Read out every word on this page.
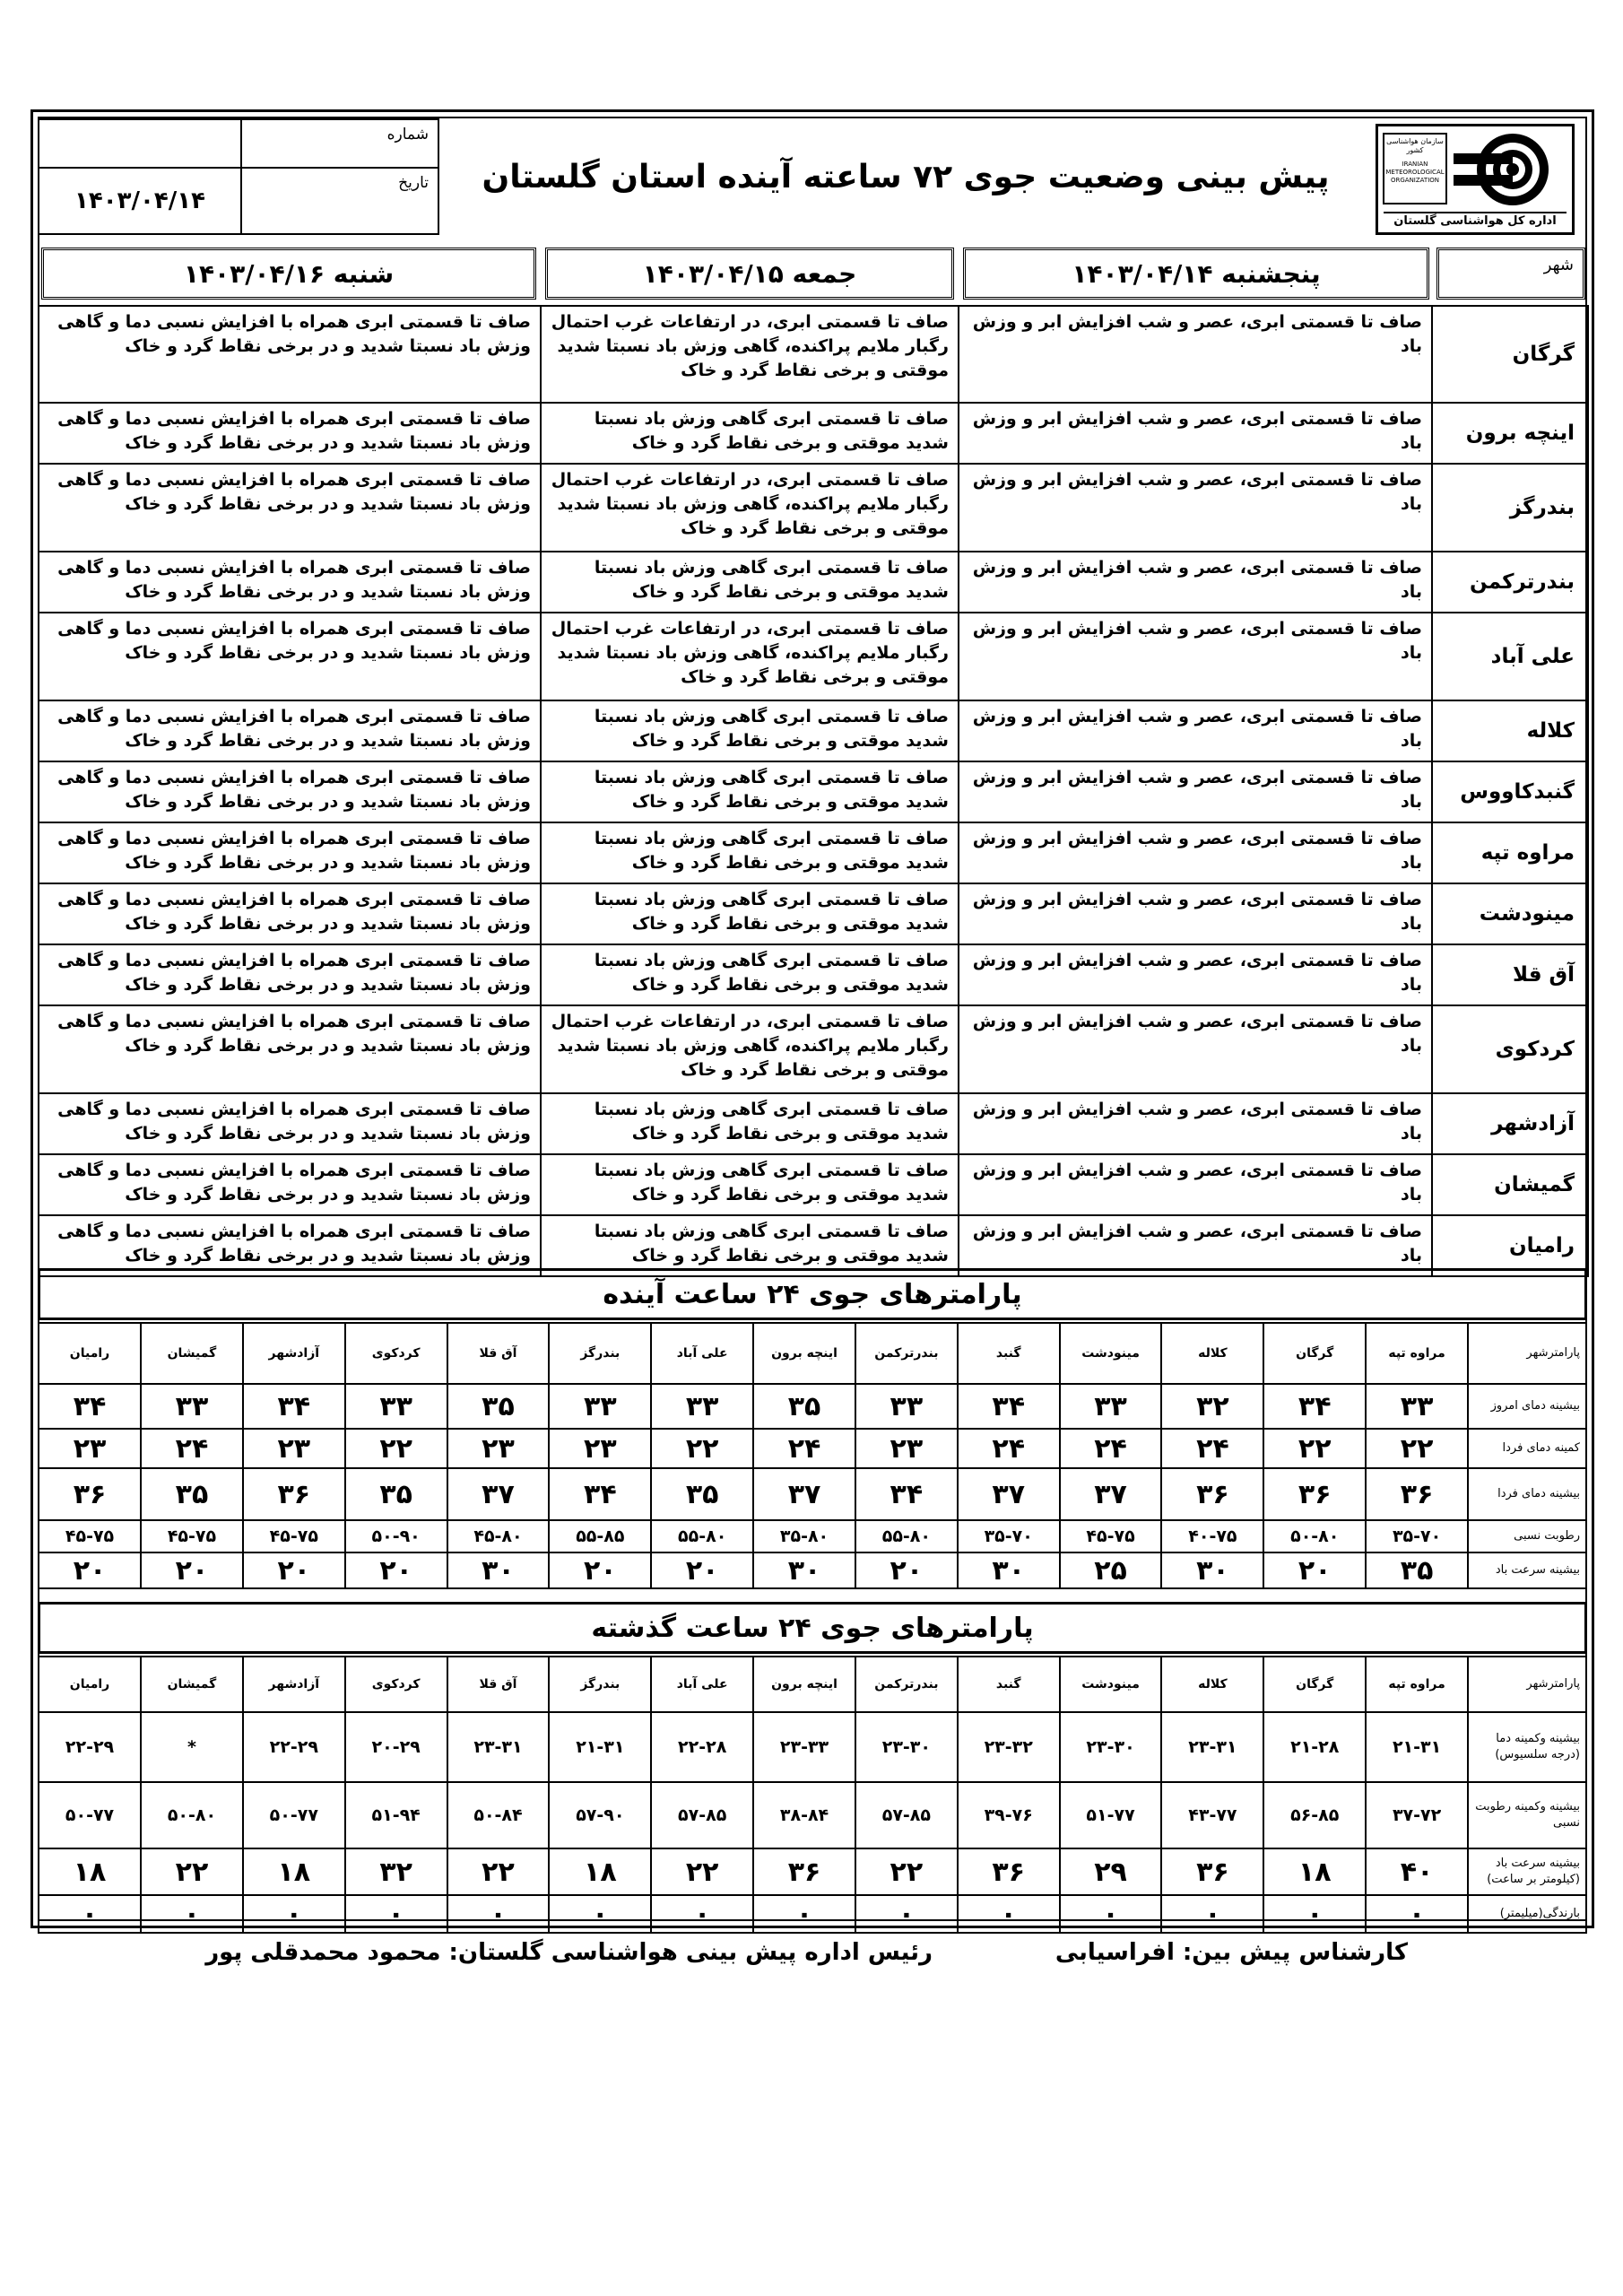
شماره
۱۴۰۳/۰۴/۱۴
تاریخ	پیش بینی وضعیت جوی ۷۲ ساعته آینده استان گلستان
سازمان هواشناسی کشور
IRANIAN METEOROLOGICAL ORGANIZATION
اداره کل هواشناسی گلستان
شنبه ۱۴۰۳/۰۴/۱۶	جمعه ۱۴۰۳/۰۴/۱۵	پنجشنبه ۱۴۰۳/۰۴/۱۴	شهر
صاف تا قسمتی ابری همراه با افزایش نسبی دما و گاهی وزش باد نسبتا شدید و در برخی نقاط گرد و خاک	صاف تا قسمتی ابری، در ارتفاعات غرب احتمال رگبار ملایم پراکنده، گاهی وزش باد نسبتا شدید موقتی و برخی نقاط گرد و خاک	صاف تا قسمتی ابری، عصر و شب افزایش ابر و وزش باد	گرگان
صاف تا قسمتی ابری همراه با افزایش نسبی دما و گاهی وزش باد نسبتا شدید و در برخی نقاط گرد و خاک	صاف تا قسمتی ابری گاهی وزش باد نسبتا شدید موقتی و برخی نقاط گرد و خاک	صاف تا قسمتی ابری، عصر و شب افزایش ابر و وزش باد	اینچه برون
صاف تا قسمتی ابری همراه با افزایش نسبی دما و گاهی وزش باد نسبتا شدید و در برخی نقاط گرد و خاک	صاف تا قسمتی ابری، در ارتفاعات غرب احتمال رگبار ملایم پراکنده، گاهی وزش باد نسبتا شدید موقتی و برخی نقاط گرد و خاک	صاف تا قسمتی ابری، عصر و شب افزایش ابر و وزش باد	بندرگز
صاف تا قسمتی ابری همراه با افزایش نسبی دما و گاهی وزش باد نسبتا شدید و در برخی نقاط گرد و خاک	صاف تا قسمتی ابری گاهی وزش باد نسبتا شدید موقتی و برخی نقاط گرد و خاک	صاف تا قسمتی ابری، عصر و شب افزایش ابر و وزش باد	بندرترکمن
صاف تا قسمتی ابری همراه با افزایش نسبی دما و گاهی وزش باد نسبتا شدید و در برخی نقاط گرد و خاک	صاف تا قسمتی ابری، در ارتفاعات غرب احتمال رگبار ملایم پراکنده، گاهی وزش باد نسبتا شدید موقتی و برخی نقاط گرد و خاک	صاف تا قسمتی ابری، عصر و شب افزایش ابر و وزش باد	علی آباد
صاف تا قسمتی ابری همراه با افزایش نسبی دما و گاهی وزش باد نسبتا شدید و در برخی نقاط گرد و خاک	صاف تا قسمتی ابری گاهی وزش باد نسبتا شدید موقتی و برخی نقاط گرد و خاک	صاف تا قسمتی ابری، عصر و شب افزایش ابر و وزش باد	کلاله
صاف تا قسمتی ابری همراه با افزایش نسبی دما و گاهی وزش باد نسبتا شدید و در برخی نقاط گرد و خاک	صاف تا قسمتی ابری گاهی وزش باد نسبتا شدید موقتی و برخی نقاط گرد و خاک	صاف تا قسمتی ابری، عصر و شب افزایش ابر و وزش باد	گنبدکاووس
صاف تا قسمتی ابری همراه با افزایش نسبی دما و گاهی وزش باد نسبتا شدید و در برخی نقاط گرد و خاک	صاف تا قسمتی ابری گاهی وزش باد نسبتا شدید موقتی و برخی نقاط گرد و خاک	صاف تا قسمتی ابری، عصر و شب افزایش ابر و وزش باد	مراوه تپه
صاف تا قسمتی ابری همراه با افزایش نسبی دما و گاهی وزش باد نسبتا شدید و در برخی نقاط گرد و خاک	صاف تا قسمتی ابری گاهی وزش باد نسبتا شدید موقتی و برخی نقاط گرد و خاک	صاف تا قسمتی ابری، عصر و شب افزایش ابر و وزش باد	مینودشت
صاف تا قسمتی ابری همراه با افزایش نسبی دما و گاهی وزش باد نسبتا شدید و در برخی نقاط گرد و خاک	صاف تا قسمتی ابری گاهی وزش باد نسبتا شدید موقتی و برخی نقاط گرد و خاک	صاف تا قسمتی ابری، عصر و شب افزایش ابر و وزش باد	آق قلا
صاف تا قسمتی ابری همراه با افزایش نسبی دما و گاهی وزش باد نسبتا شدید و در برخی نقاط گرد و خاک	صاف تا قسمتی ابری، در ارتفاعات غرب احتمال رگبار ملایم پراکنده، گاهی وزش باد نسبتا شدید موقتی و برخی نقاط گرد و خاک	صاف تا قسمتی ابری، عصر و شب افزایش ابر و وزش باد	کردکوی
صاف تا قسمتی ابری همراه با افزایش نسبی دما و گاهی وزش باد نسبتا شدید و در برخی نقاط گرد و خاک	صاف تا قسمتی ابری گاهی وزش باد نسبتا شدید موقتی و برخی نقاط گرد و خاک	صاف تا قسمتی ابری، عصر و شب افزایش ابر و وزش باد	آزادشهر
صاف تا قسمتی ابری همراه با افزایش نسبی دما و گاهی وزش باد نسبتا شدید و در برخی نقاط گرد و خاک	صاف تا قسمتی ابری گاهی وزش باد نسبتا شدید موقتی و برخی نقاط گرد و خاک	صاف تا قسمتی ابری، عصر و شب افزایش ابر و وزش باد	گمیشان
صاف تا قسمتی ابری همراه با افزایش نسبی دما و گاهی وزش باد نسبتا شدید و در برخی نقاط گرد و خاک	صاف تا قسمتی ابری گاهی وزش باد نسبتا شدید موقتی و برخی نقاط گرد و خاک	صاف تا قسمتی ابری، عصر و شب افزایش ابر و وزش باد	رامیان
پارامترهای جوی ۲۴ ساعت آینده
پارامترشهر	مراوه تپه	گرگان	کلاله	مینودشت	گنبد	بندرترکمن	اینچه برون	علی آباد	بندرگز	آق قلا	کردکوی	آزادشهر	گمیشان	رامیان
بیشینه دمای امروز	۳۳	۳۴	۳۲	۳۳	۳۴	۳۳	۳۵	۳۳	۳۳	۳۵	۳۳	۳۴	۳۳	۳۴
کمینه دمای فردا	۲۲	۲۲	۲۴	۲۴	۲۴	۲۳	۲۴	۲۲	۲۳	۲۳	۲۲	۲۳	۲۴	۲۳
بیشینه دمای فردا	۳۶	۳۶	۳۶	۳۷	۳۷	۳۴	۳۷	۳۵	۳۴	۳۷	۳۵	۳۶	۳۵	۳۶
رطوبت نسبی	۳۵-۷۰	۵۰-۸۰	۴۰-۷۵	۴۵-۷۵	۳۵-۷۰	۵۵-۸۰	۳۵-۸۰	۵۵-۸۰	۵۵-۸۵	۴۵-۸۰	۵۰-۹۰	۴۵-۷۵	۴۵-۷۵	۴۵-۷۵
بیشینه سرعت باد	۳۵	۲۰	۳۰	۲۵	۳۰	۲۰	۳۰	۲۰	۲۰	۳۰	۲۰	۲۰	۲۰	۲۰
پارامترهای جوی ۲۴ ساعت گذشته
پارامترشهر	مراوه تپه	گرگان	کلاله	مینودشت	گنبد	بندرترکمن	اینچه برون	علی آباد	بندرگز	آق قلا	کردکوی	آزادشهر	گمیشان	رامیان
بیشینه وکمینه دما (درجه سلسیوس)	۲۱-۳۱	۲۱-۲۸	۲۳-۳۱	۲۳-۳۰	۲۳-۳۲	۲۳-۳۰	۲۳-۳۳	۲۲-۲۸	۲۱-۳۱	۲۳-۳۱	۲۰-۲۹	۲۲-۲۹	*	۲۲-۲۹
بیشینه وکمینه رطوبت نسبی	۳۷-۷۲	۵۶-۸۵	۴۳-۷۷	۵۱-۷۷	۳۹-۷۶	۵۷-۸۵	۳۸-۸۴	۵۷-۸۵	۵۷-۹۰	۵۰-۸۴	۵۱-۹۴	۵۰-۷۷	۵۰-۸۰	۵۰-۷۷
بیشینه سرعت باد (کیلومتر بر ساعت)	۴۰	۱۸	۳۶	۲۹	۳۶	۲۲	۳۶	۲۲	۱۸	۲۲	۳۲	۱۸	۲۲	۱۸
بارندگی(میلیمتر)	۰	۰	۰	۰	۰	۰	۰	۰	۰	۰	۰	۰	۰	۰
کارشناس پیش بین: افراسیابی
رئیس اداره پیش بینی هواشناسی گلستان: محمود محمدقلی پور
